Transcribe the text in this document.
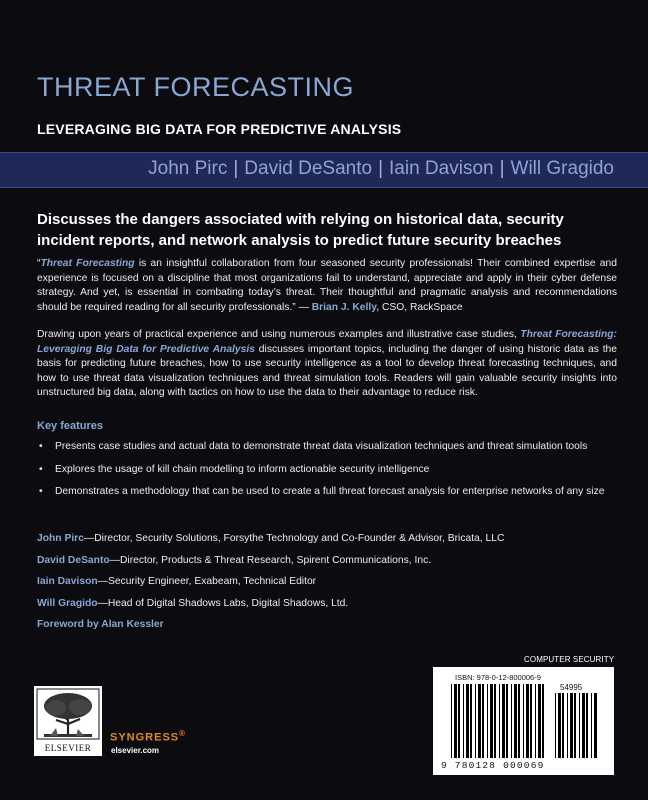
THREAT FORECASTING
LEVERAGING BIG DATA FOR PREDICTIVE ANALYSIS
John Pirc | David DeSanto | Iain Davison | Will Gragido
Discusses the dangers associated with relying on historical data, security incident reports, and network analysis to predict future security breaches
“Threat Forecasting is an insightful collaboration from four seasoned security professionals! Their combined expertise and experience is focused on a discipline that most organizations fail to understand, appreciate and apply in their cyber defense strategy. And yet, is essential in combating today’s threat. Their thoughtful and pragmatic analysis and recommendations should be required reading for all security professionals.” — Brian J. Kelly, CSO, RackSpace
Drawing upon years of practical experience and using numerous examples and illustrative case studies, Threat Forecasting: Leveraging Big Data for Predictive Analysis discusses important topics, including the danger of using historic data as the basis for predicting future breaches, how to use security intelligence as a tool to develop threat forecasting techniques, and how to use threat data visualization techniques and threat simulation tools. Readers will gain valuable security insights into unstructured big data, along with tactics on how to use the data to their advantage to reduce risk.
Key features
• Presents case studies and actual data to demonstrate threat data visualization techniques and threat simulation tools
• Explores the usage of kill chain modelling to inform actionable security intelligence
• Demonstrates a methodology that can be used to create a full threat forecast analysis for enterprise networks of any size
John Pirc—Director, Security Solutions, Forsythe Technology and Co-Founder & Advisor, Bricata, LLC
David DeSanto—Director, Products & Threat Research, Spirent Communications, Inc.
Iain Davison—Security Engineer, Exabeam, Technical Editor
Will Gragido—Head of Digital Shadows Labs, Digital Shadows, Ltd.
Foreword by Alan Kessler
COMPUTER SECURITY
ISBN: 978-0-12-800006-9
54995
9 780128 000069
ELSEVIER
SYNGRESS®
elsevier.com
